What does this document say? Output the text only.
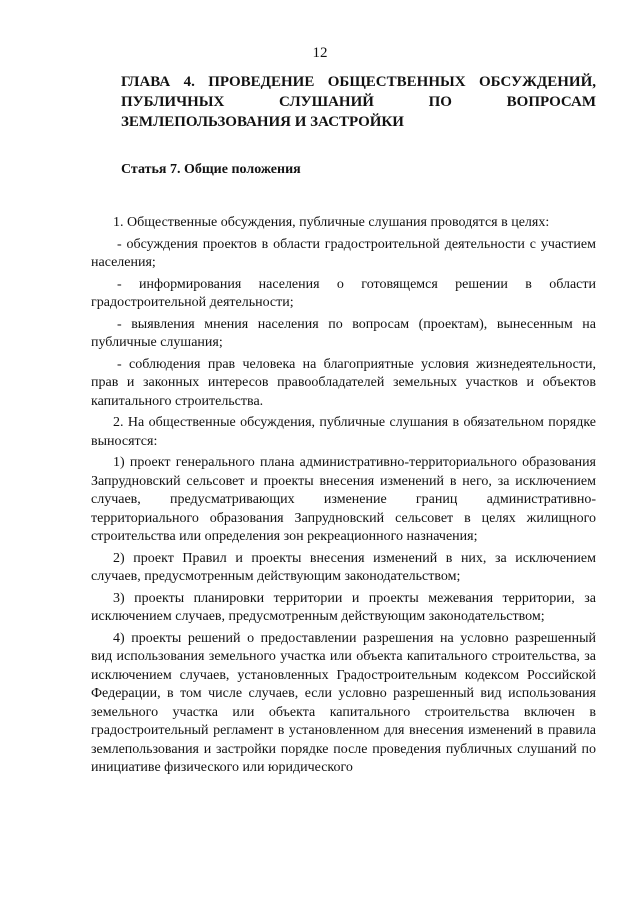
12
ГЛАВА 4. ПРОВЕДЕНИЕ ОБЩЕСТВЕННЫХ ОБСУЖДЕНИЙ, ПУБЛИЧНЫХ СЛУШАНИЙ ПО ВОПРОСАМ ЗЕМЛЕПОЛЬЗОВАНИЯ И ЗАСТРОЙКИ
Статья 7. Общие положения

1. Общественные обсуждения, публичные слушания проводятся в целях:

- обсуждения проектов в области градостроительной деятельности с участием населения;

- информирования населения о готовящемся решении в области градостроительной деятельности;

- выявления мнения населения по вопросам (проектам), вынесенным на публичные слушания;

- соблюдения прав человека на благоприятные условия жизнедеятельности, прав и законных интересов правообладателей земельных участков и объектов капитального строительства.

2. На общественные обсуждения, публичные слушания в обязательном порядке выносятся:

1) проект генерального плана административно-территориального образования Запрудновский сельсовет и проекты внесения изменений в него, за исключением случаев, предусматривающих изменение границ административно-территориального образования Запрудновский сельсовет в целях жилищного строительства или определения зон рекреационного назначения;

2) проект Правил и проекты внесения изменений в них, за исключением случаев, предусмотренным действующим законодательством;

3) проекты планировки территории и проекты межевания территории, за исключением случаев, предусмотренным действующим законодательством;

4) проекты решений о предоставлении разрешения на условно разрешенный вид использования земельного участка или объекта капитального строительства, за исключением случаев, установленных Градостроительным кодексом Российской Федерации, в том числе случаев, если условно разрешенный вид использования земельного участка или объекта капитального строительства включен в градостроительный регламент в установленном для внесения изменений в правила землепользования и застройки порядке после проведения публичных слушаний по инициативе физического или юридического
